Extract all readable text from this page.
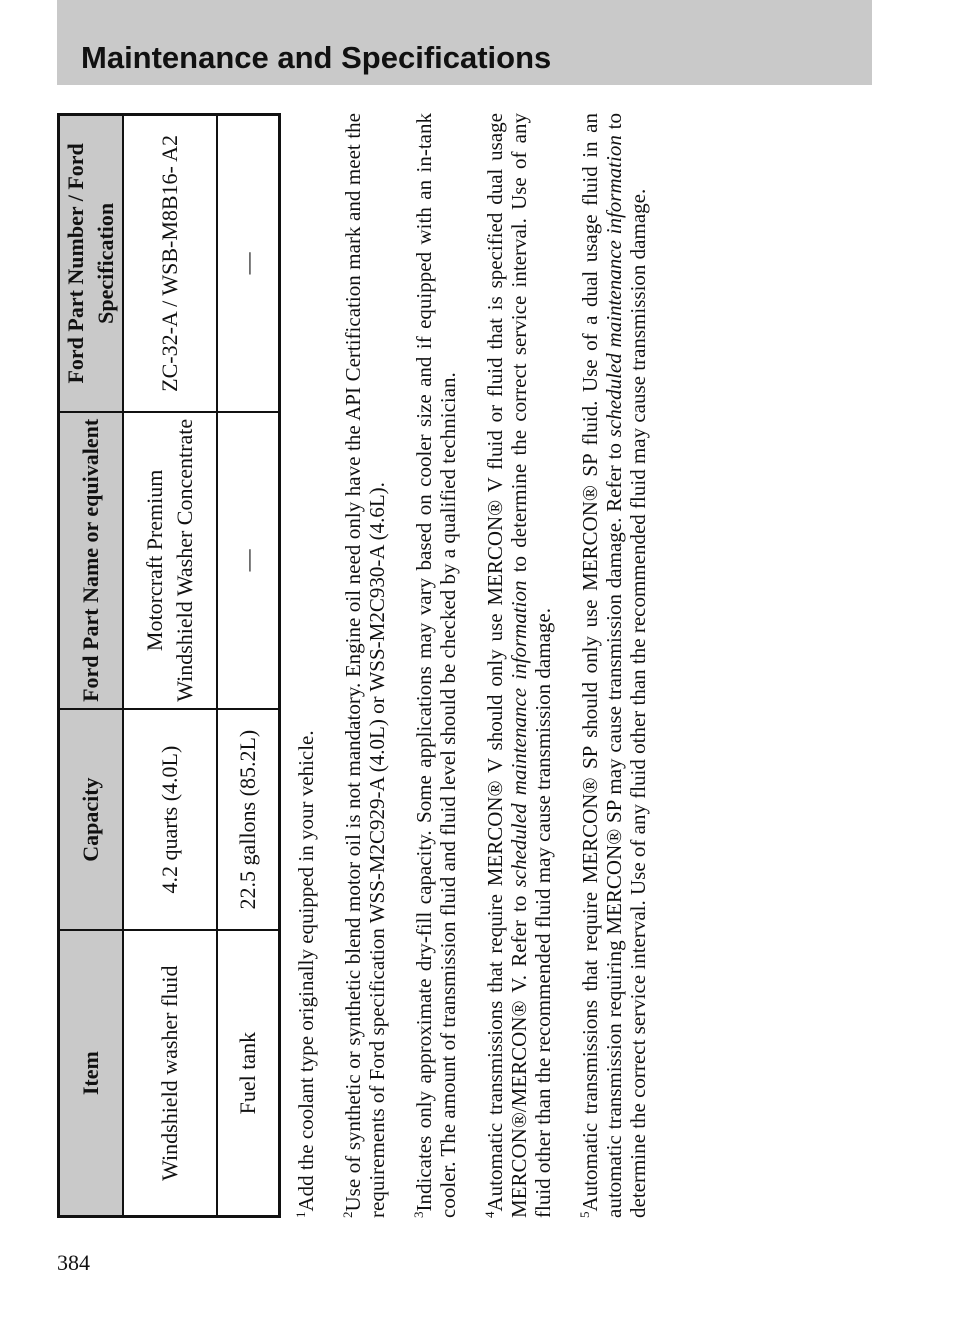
Maintenance and Specifications
Item	Capacity	Ford Part Name or equivalent	Ford Part Number / Ford Specification
Windshield washer fluid	4.2 quarts (4.0L)	Motorcraft Premium Windshield Washer Concentrate	ZC-32-A / WSB-M8B16- A2
Fuel tank	22.5 gallons (85.2L)	—	—

$^1$Add the coolant type originally equipped in your vehicle.

$^2$Use of synthetic or synthetic blend motor oil is not mandatory. Engine oil need only have the API Certification mark and meet the requirements of Ford specification WSS-M2C929-A (4.0L) or WSS-M2C930-A (4.6L).	$^3$Indicates only approximate dry-fill capacity. Some applications may vary based on cooler size and if equipped with an in-tank cooler. The amount of transmission fluid and fluid level should be checked by a qualified technician.	$^4$Automatic transmissions that require MERCON® V should only use MERCON® V fluid or fluid that is specified dual usage MERCON®/MERCON® V. Refer to scheduled maintenance information to determine the correct service interval. Use of any fluid other than the recommended fluid may cause transmission damage.	$^5$Automatic transmissions that require MERCON® SP should only use MERCON® SP fluid. Use of a dual usage fluid in an automatic transmission requiring MERCON® SP may cause transmission damage. Refer to scheduled maintenance information to determine the correct service interval. Use of any fluid other than the recommended fluid may cause transmission damage.

384
